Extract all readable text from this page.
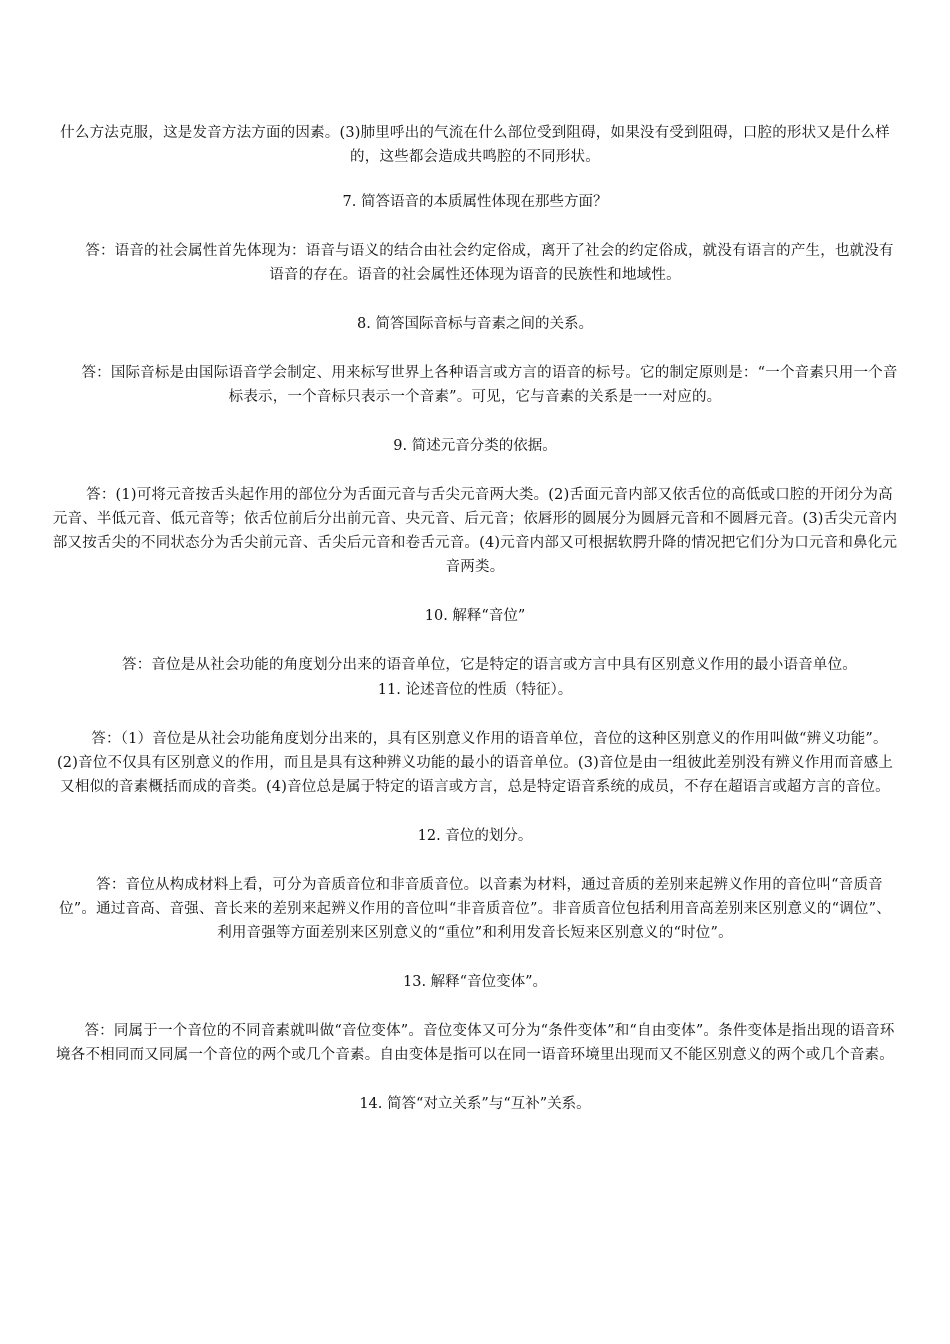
什么方法克服，这是发音方法方面的因素。(3)肺里呼出的气流在什么部位受到阻碍，如果没有受到阻碍，口腔的形状又是什么样的，这些都会造成共鸣腔的不同形状。

7. 简答语音的本质属性体现在那些方面？

答：语音的社会属性首先体现为：语音与语义的结合由社会约定俗成，离开了社会的约定俗成，就没有语言的产生，也就没有语音的存在。语音的社会属性还体现为语音的民族性和地域性。

8. 简答国际音标与音素之间的关系。

答：国际音标是由国际语音学会制定、用来标写世界上各种语言或方言的语音的标号。它的制定原则是：“一个音素只用一个音标表示，一个音标只表示一个音素”。可见，它与音素的关系是一一对应的。

9. 简述元音分类的依据。

答：(1)可将元音按舌头起作用的部位分为舌面元音与舌尖元音两大类。(2)舌面元音内部又依舌位的高低或口腔的开闭分为高元音、半低元音、低元音等；依舌位前后分出前元音、央元音、后元音；依唇形的圆展分为圆唇元音和不圆唇元音。(3)舌尖元音内部又按舌尖的不同状态分为舌尖前元音、舌尖后元音和卷舌元音。(4)元音内部又可根据软腭升降的情况把它们分为口元音和鼻化元音两类。

10. 解释“音位”

答：音位是从社会功能的角度划分出来的语音单位，它是特定的语言或方言中具有区别意义作用的最小语音单位。

11. 论述音位的性质（特征）。

答：（1）音位是从社会功能角度划分出来的，具有区别意义作用的语音单位，音位的这种区别意义的作用叫做“辨义功能”。(2)音位不仅具有区别意义的作用，而且是具有这种辨义功能的最小的语音单位。(3)音位是由一组彼此差别没有辨义作用而音感上又相似的音素概括而成的音类。(4)音位总是属于特定的语言或方言，总是特定语音系统的成员，不存在超语言或超方言的音位。

12. 音位的划分。

答：音位从构成材料上看，可分为音质音位和非音质音位。以音素为材料，通过音质的差别来起辨义作用的音位叫“音质音位”。通过音高、音强、音长来的差别来起辨义作用的音位叫“非音质音位”。非音质音位包括利用音高差别来区别意义的“调位”、利用音强等方面差别来区别意义的“重位”和利用发音长短来区别意义的“时位”。

13. 解释“音位变体”。

答：同属于一个音位的不同音素就叫做“音位变体”。音位变体又可分为“条件变体”和“自由变体”。条件变体是指出现的语音环境各不相同而又同属一个音位的两个或几个音素。自由变体是指可以在同一语音环境里出现而又不能区别意义的两个或几个音素。

14. 简答“对立关系”与“互补”关系。
